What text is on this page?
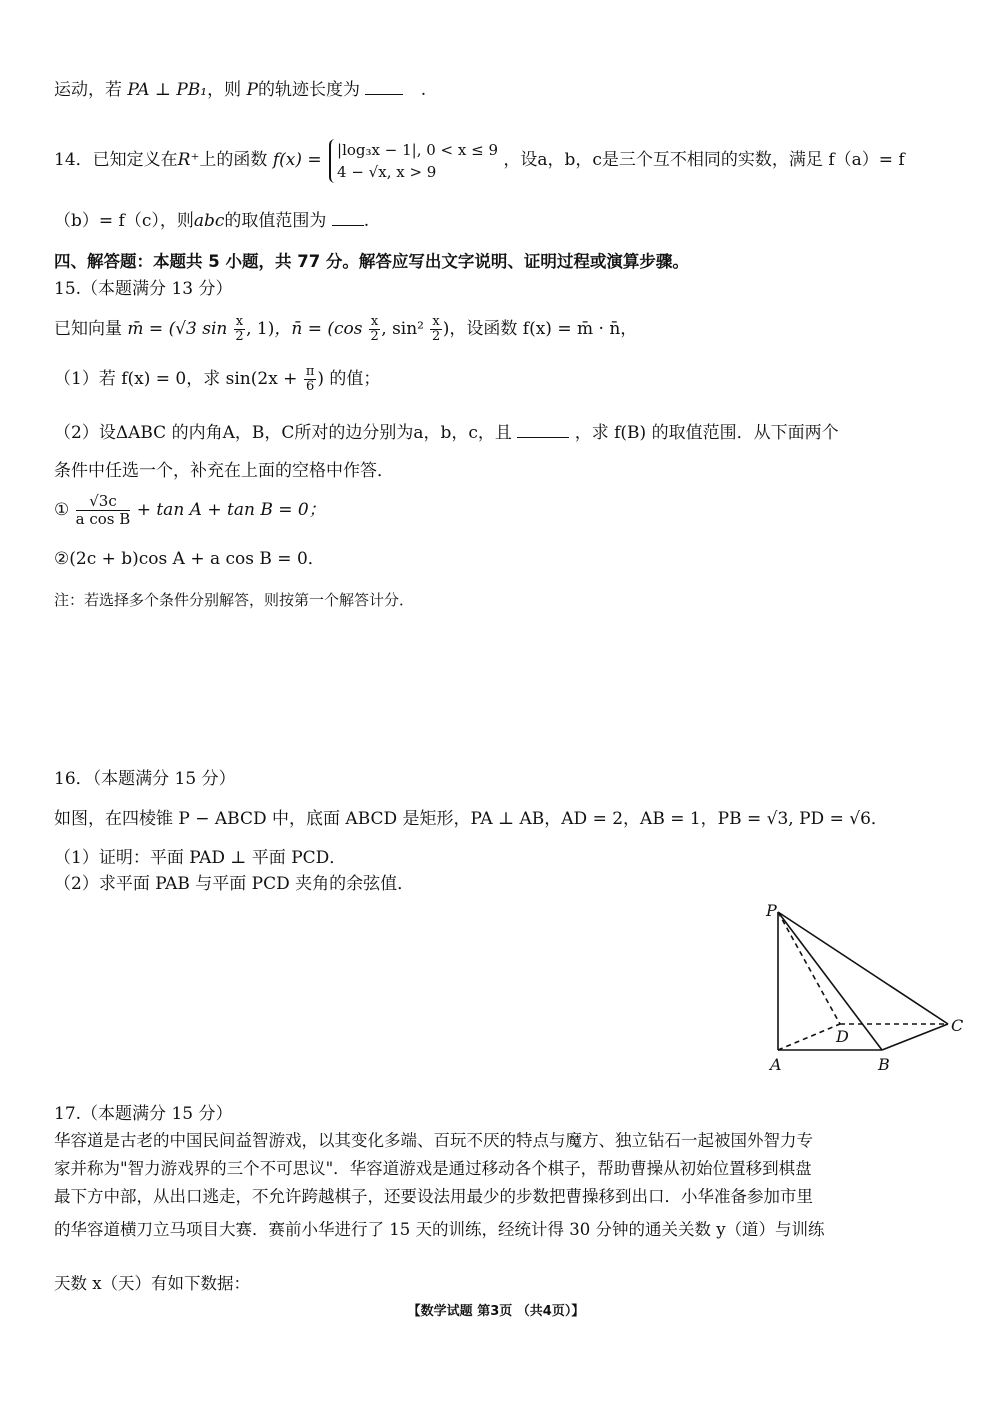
运动，若 PA ⊥ PB₁，则 P的轨迹长度为	.
14．已知定义在R⁺上的函数 f(x) =
|log₃x − 1|, 0 < x ≤ 9
4 − √x, x > 9
，设a，b，c是三个互不相同的实数，满足 f（a）= f
（b）= f（c），则abc的取值范围为 .
四、解答题：本题共 5 小题，共 77 分。解答应写出文字说明、证明过程或演算步骤。
15.（本题满分 13 分）
已知向量 m̄ = (√3 $\sin \frac{x}{2}$ , 1)，n̄ = ($\cos \frac{x}{2}$ , $\sin^2 \frac{x}{2}$ )，设函数 f(x) = m̄ · n̄，
（1）若 f(x) = 0，求 $\sin(2x + \frac{\pi}{6}$ ) 的值；
（2）设ΔABC 的内角A，B，C所对的边分别为a，b，c，且	，求 f(B) 的取值范围．从下面两个
条件中任选一个，补充在上面的空格中作答．
① $\frac{√3c}{\text{a cos B}} + \tan A + \tan B = 0$；
②(2c + b)cos A + a cos B = 0．
注：若选择多个条件分别解答，则按第一个解答计分．
16．（本题满分 15 分）
如图，在四棱锥 P − ABCD 中，底面 ABCD 是矩形，PA ⊥ AB，AD = 2，AB = 1，PB = √3, PD = √6．
（1）证明：平面 PAD ⊥ 平面 PCD．
（2）求平面 PAB 与平面 PCD 夹角的余弦值．
P
A	B
C
D
17.（本题满分 15 分）
华容道是古老的中国民间益智游戏，以其变化多端、百玩不厌的特点与魔方、独立钻石一起被国外智力专
家并称为"智力游戏界的三个不可思议"．华容道游戏是通过移动各个棋子，帮助曹操从初始位置移到棋盘
最下方中部，从出口逃走，不允许跨越棋子，还要设法用最少的步数把曹操移到出口．小华准备参加市里
的华容道横刀立马项目大赛．赛前小华进行了 15 天的训练，经统计得 30 分钟的通关关数 y（道）与训练
天数 x（天）有如下数据：
【数学试题 第3页 （共4页）】
